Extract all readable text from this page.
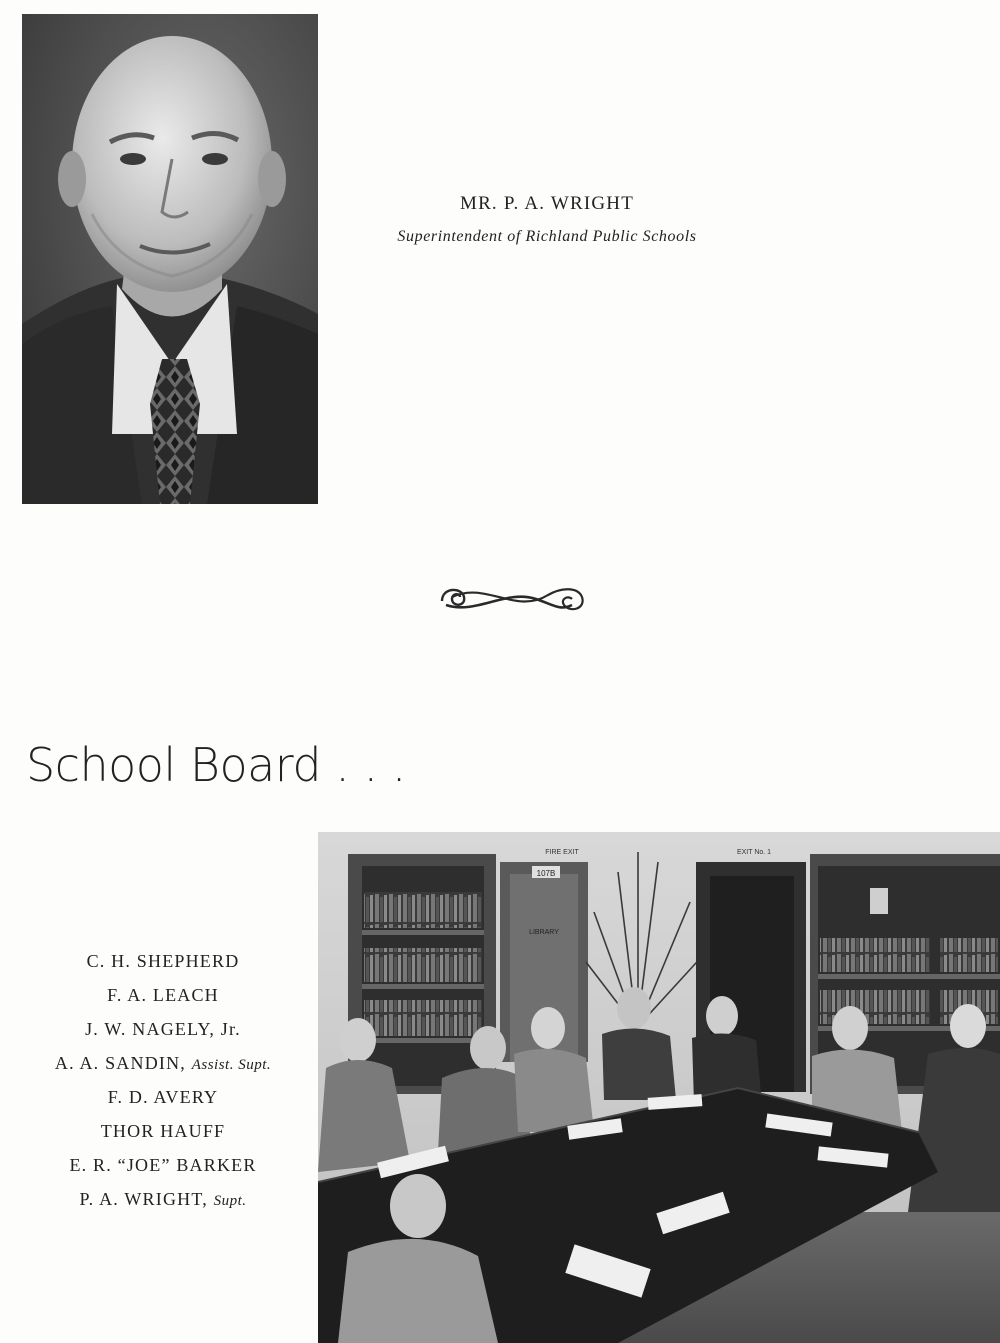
MR. P. A. WRIGHT
Superintendent of Richland Public Schools
School Board . . .
C. H. SHEPHERD
F. A. LEACH
J. W. NAGELY, Jr.
A. A. SANDIN, Assist. Supt.
F. D. AVERY
THOR HAUFF
E. R. “JOE” BARKER
P. A. WRIGHT, Supt.
107B
LIBRARY
FIRE EXIT	EXIT No. 1
